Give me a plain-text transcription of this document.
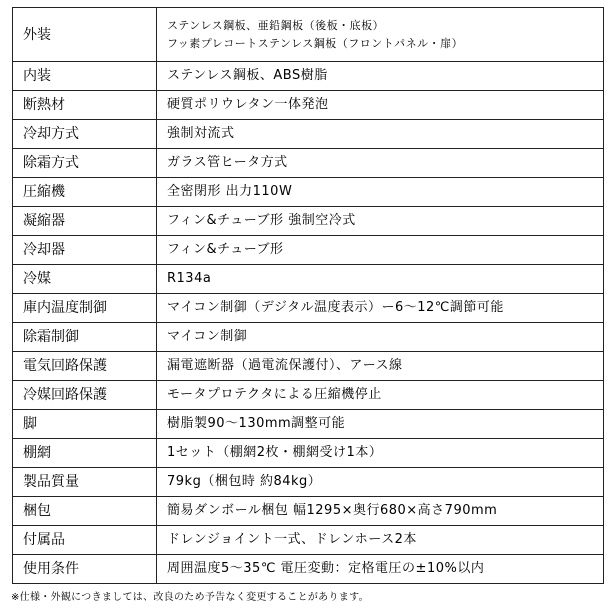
外装	ステンレス鋼板、亜鉛鋼板（後板・底板）
フッ素プレコートステンレス鋼板（フロントパネル・扉）

内装	ステンレス鋼板、ABS樹脂
断熱材	硬質ポリウレタン一体発泡
冷却方式	強制対流式
除霜方式	ガラス管ヒータ方式
圧縮機	全密閉形 出力110W
凝縮器	フィン&チューブ形 強制空冷式
冷却器	フィン&チューブ形
冷媒	R134a
庫内温度制御	マイコン制御（デジタル温度表示）ー6～12℃調節可能
除霜制御	マイコン制御
電気回路保護	漏電遮断器（過電流保護付）、アース線
冷媒回路保護	モータプロテクタによる圧縮機停止
脚	樹脂製90～130mm調整可能
棚網	1セット（棚網2枚・棚網受け1本）
製品質量	79kg（梱包時 約84kg）
梱包	簡易ダンボール梱包 幅1295×奥行680×高さ790mm
付属品	ドレンジョイント一式、ドレンホース2本
使用条件	周囲温度5～35℃ 電圧変動：定格電圧の±10%以内
※仕様・外観につきましては、改良のため予告なく変更することがあります。
